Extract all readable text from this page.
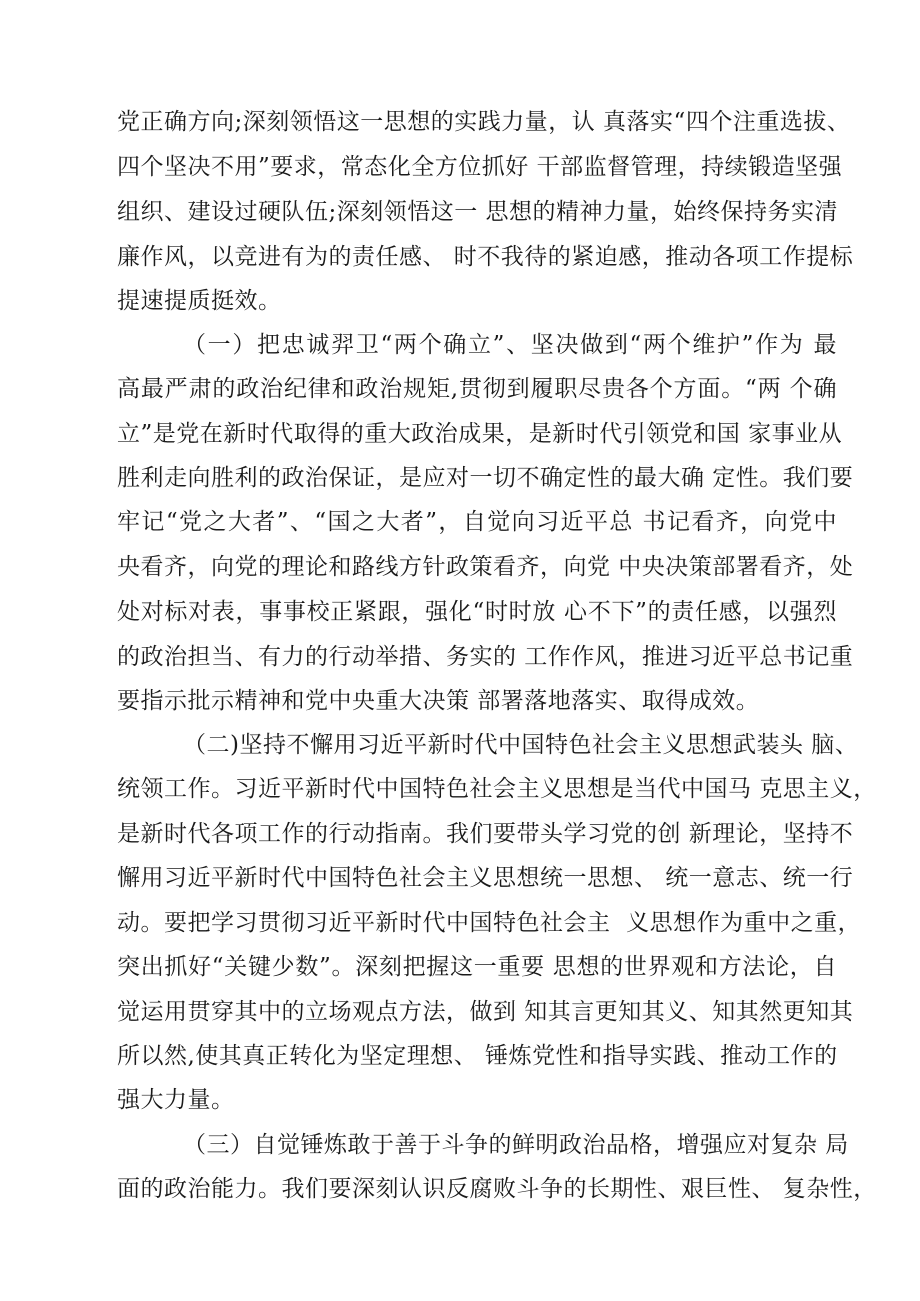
党正确方向;深刻领悟这一思想的实践力量，认 真落实“四个注重选拔、
四个坚决不用”要求，常态化全方位抓好 干部监督管理，持续锻造坚强
组织、建设过硬队伍;深刻领悟这一 思想的精神力量，始终保持务实清
廉作风，以竞进有为的责任感、 时不我待的紧迫感，推动各项工作提标
提速提质挺效。
（一）把忠诚羿卫“两个确立”、坚决做到“两个维护”作为 最
高最严肃的政治纪律和政治规矩,贯彻到履职尽贵各个方面。“两 个确
立”是党在新时代取得的重大政治成果，是新时代引领党和国 家事业从
胜利走向胜利的政治保证，是应对一切不确定性的最大确 定性。我们要
牢记“党之大者”、“国之大者”，自觉向习近平总 书记看齐，向党中
央看齐，向党的理论和路线方针政策看齐，向党 中央决策部署看齐，处
处对标对表，事事校正紧跟，强化“时时放 心不下”的责任感，以强烈
的政治担当、有力的行动举措、务实的 工作作风，推进习近平总书记重
要指示批示精神和党中央重大决策 部署落地落实、取得成效。
（二)坚持不懈用习近平新时代中国特色社会主义思想武装头 脑、
统领工作。习近平新时代中国特色社会主义思想是当代中国马 克思主义，
是新时代各项工作的行动指南。我们要带头学习党的创 新理论，坚持不
懈用习近平新时代中国特色社会主义思想统一思想、 统一意志、统一行
动。要把学习贯彻习近平新时代中国特色社会主  义思想作为重中之重，
突出抓好“关键少数”。深刻把握这一重要 思想的世界观和方法论，自
觉运用贯穿其中的立场观点方法，做到 知其言更知其义、知其然更知其
所以然,使其真正转化为坚定理想、 锤炼党性和指导实践、推动工作的
强大力量。
（三）自觉锤炼敢于善于斗争的鲜明政治品格，增强应对复杂 局
面的政治能力。我们要深刻认识反腐败斗争的长期性、艰巨性、 复杂性，
